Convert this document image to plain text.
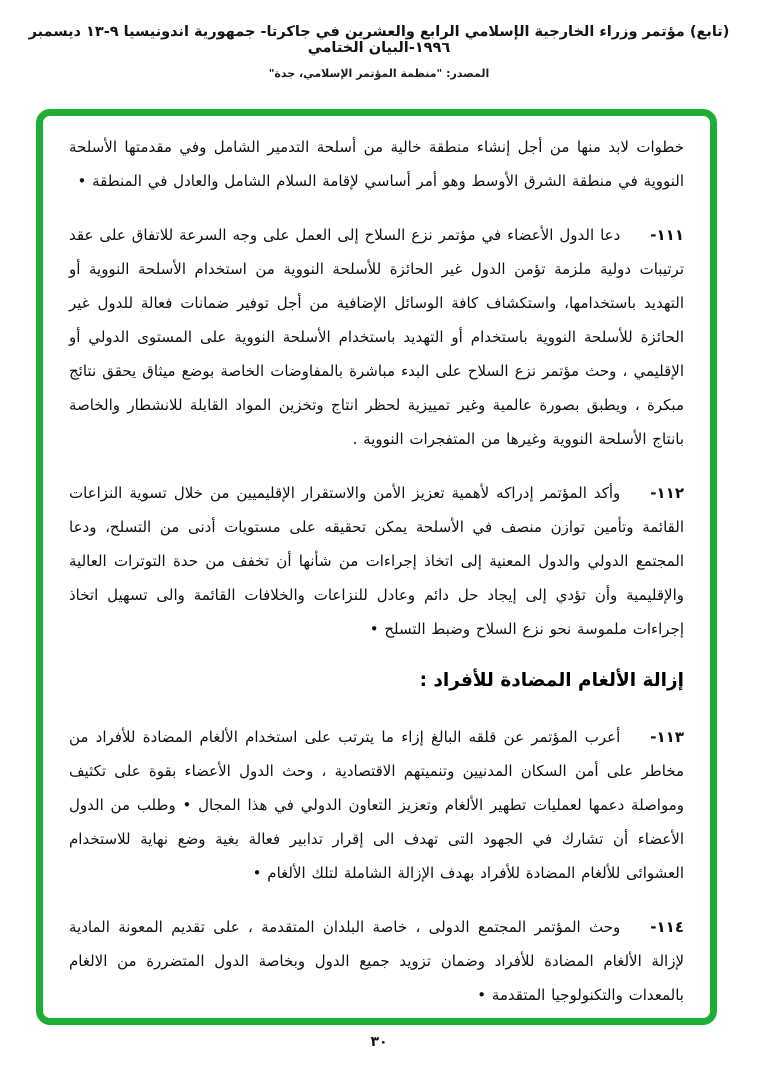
(تابع) مؤتمر وزراء الخارجية الإسلامي الرابع والعشرين في جاكرتا- جمهورية اندونيسيا ٩-١٣ ديسمبر ١٩٩٦-البيان الختامي
المصدر: "منظمة المؤتمر الإسلامي، جدة"

خطوات لابد منها من أجل إنشاء منطقة خالية من أسلحة التدمير الشامل وفي مقدمتها الأسلحة النووية في منطقة الشرق الأوسط وهو أمر أساسي لإقامة السلام الشامل والعادل في المنطقة •

١١١-دعا الدول الأعضاء في مؤتمر نزع السلاح إلى العمل على وجه السرعة للاتفاق على عقد ترتيبات دولية ملزمة تؤمن الدول غير الحائزة للأسلحة النووية من استخدام الأسلحة النووية أو التهديد باستخدامها، واستكشاف كافة الوسائل الإضافية من أجل توفير ضمانات فعالة للدول غير الحائزة للأسلحة النووية باستخدام أو التهديد باستخدام الأسلحة النووية على المستوى الدولي أو الإقليمي ، وحث مؤتمر نزع السلاح على البدء مباشرة بالمفاوضات الخاصة بوضع ميثاق يحقق نتائج مبكرة ، ويطبق بصورة عالمية وغير تمييزية لحظر انتاج وتخزين المواد القابلة للانشطار والخاصة بانتاج الأسلحة النووية وغيرها من المتفجرات النووية .

١١٢-وأكد المؤتمر إدراكه لأهمية تعزيز الأمن والاستقرار الإقليميين من خلال تسوية النزاعات القائمة وتأمين توازن منصف في الأسلحة يمكن تحقيقه على مستويات أدنى من التسلح، ودعا المجتمع الدولي والدول المعنية إلى اتخاذ إجراءات من شأنها أن تخفف من حدة التوترات العالية والإقليمية وأن تؤدي إلى إيجاد حل دائم وعادل للنزاعات والخلافات القائمة والى تسهيل اتخاذ إجراءات ملموسة نحو نزع السلاح وضبط التسلح •

إزالة الألغام المضادة للأفراد :

١١٣-أعرب المؤتمر عن قلقه البالغ إزاء ما يترتب على استخدام الألغام المضادة للأفراد من مخاطر على أمن السكان المدنيين وتنميتهم الاقتصادية ، وحث الدول الأعضاء بقوة على تكثيف ومواصلة دعمها لعمليات تطهير الألغام وتعزيز التعاون الدولي في هذا المجال • وطلب من الدول الأعضاء أن تشارك في الجهود التى تهدف الى إقرار تدابير فعالة بغية وضع نهاية للاستخدام العشوائى للألغام المضادة للأفراد بهدف الإزالة الشاملة لتلك الألغام •

١١٤-وحث المؤتمر المجتمع الدولى ، خاصة البلدان المتقدمة ، على تقديم المعونة المادية لإزالة الألغام المضادة للأفراد وضمان تزويد جميع الدول وبخاصة الدول المتضررة من الالغام بالمعدات والتكنولوجيا المتقدمة •

٣٠
